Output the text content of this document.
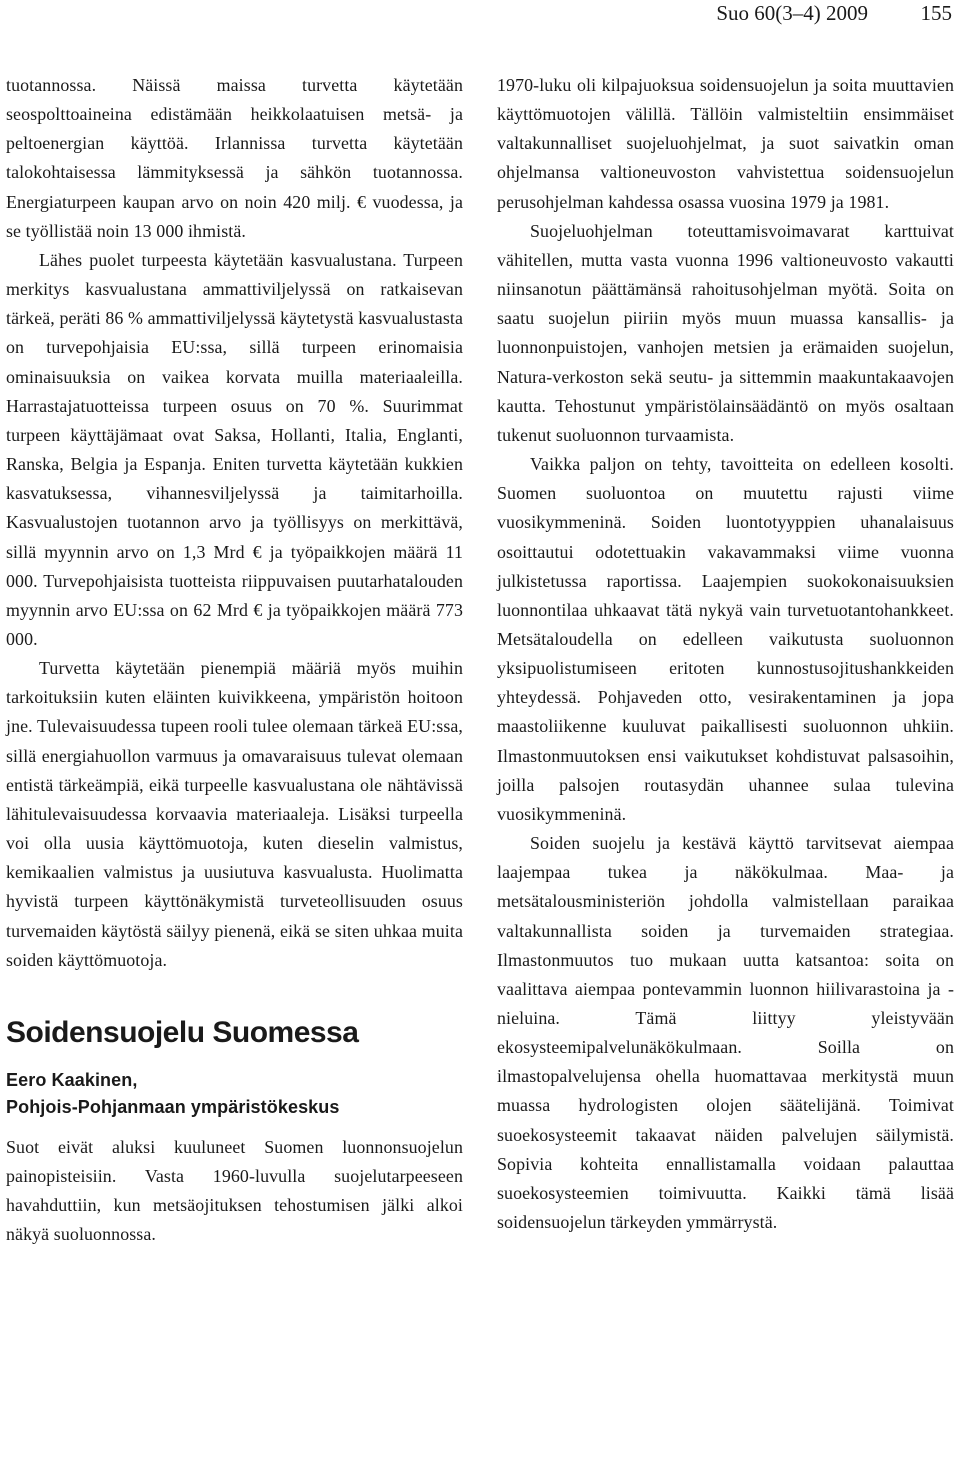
Suo 60(3–4) 2009	155

tuotannossa. Näissä maissa turvetta käytetään seospolttoaineina edistämään heikkolaatuisen metsä- ja peltoenergian käyttöä. Irlannissa turvetta käytetään talokohtaisessa lämmityksessä ja sähkön tuotannossa. Energiaturpeen kaupan arvo on noin 420 milj. € vuodessa, ja se työllistää noin 13 000 ihmistä.

Lähes puolet turpeesta käytetään kasvualustana. Turpeen merkitys kasvualustana ammattiviljelyssä on ratkaisevan tärkeä, peräti 86 % ammattiviljelyssä käytetystä kasvualustasta on turvepohjaisia EU:ssa, sillä turpeen erinomaisia ominaisuuksia on vaikea korvata muilla materiaaleilla. Harrastajatuotteissa turpeen osuus on 70 %. Suurimmat turpeen käyttäjämaat ovat Saksa, Hollanti, Italia, Englanti, Ranska, Belgia ja Espanja. Eniten turvetta käytetään kukkien kasvatuksessa, vihannesviljelyssä ja taimitarhoilla. Kasvualustojen tuotannon arvo ja työllisyys on merkittävä, sillä myynnin arvo on 1,3 Mrd € ja työpaikkojen määrä 11 000. Turvepohjaisista tuotteista riippuvaisen puutarhatalouden myynnin arvo EU:ssa on 62 Mrd € ja työpaikkojen määrä 773 000.

Turvetta käytetään pienempiä määriä myös muihin tarkoituksiin kuten eläinten kuivikkeena, ympäristön hoitoon jne. Tulevaisuudessa tupeen rooli tulee olemaan tärkeä EU:ssa, sillä energiahuollon varmuus ja omavaraisuus tulevat olemaan entistä tärkeämpiä, eikä turpeelle kasvualustana ole nähtävissä lähitulevaisuudessa korvaavia materiaaleja. Lisäksi turpeella voi olla uusia käyttömuotoja, kuten dieselin valmistus, kemikaalien valmistus ja uusiutuva kasvualusta. Huolimatta hyvistä turpeen käyttönäkymistä turveteollisuuden osuus turvemaiden käytöstä säilyy pienenä, eikä se siten uhkaa muita soiden käyttömuotoja.

Soidensuojelu Suomessa
Eero Kaakinen,
Pohjois-Pohjanmaan ympäristökeskus

Suot eivät aluksi kuuluneet Suomen luonnonsuojelun painopisteisiin. Vasta 1960-luvulla suojelutarpeeseen havahduttiin, kun metsäojituksen tehostumisen jälki alkoi näkyä suoluonnossa.

1970-luku oli kilpajuoksua soidensuojelun ja soita muuttavien käyttömuotojen välillä. Tällöin valmisteltiin ensimmäiset valtakunnalliset suojeluohjelmat, ja suot saivatkin oman ohjelmansa valtioneuvoston vahvistettua soidensuojelun perusohjelman kahdessa osassa vuosina 1979 ja 1981.

Suojeluohjelman toteuttamisvoimavarat karttuivat vähitellen, mutta vasta vuonna 1996 valtioneuvosto vakautti niinsanotun päättämänsä rahoitusohjelman myötä. Soita on saatu suojelun piiriin myös muun muassa kansallis- ja luonnonpuistojen, vanhojen metsien ja erämaiden suojelun, Natura-verkoston sekä seutu- ja sittemmin maakuntakaavojen kautta. Tehostunut ympäristölainsäädäntö on myös osaltaan tukenut suoluonnon turvaamista.

Vaikka paljon on tehty, tavoitteita on edelleen kosolti. Suomen suoluontoa on muutettu rajusti viime vuosikymmeninä. Soiden luontotyyppien uhanalaisuus osoittautui odotettuakin vakavammaksi viime vuonna julkistetussa raportissa. Laajempien suokokonaisuuksien luonnontilaa uhkaavat tätä nykyä vain turvetuotantohankkeet. Metsätaloudella on edelleen vaikutusta suoluonnon yksipuolistumiseen eritoten kunnostusojitushankkeiden yhteydessä. Pohjaveden otto, vesirakentaminen ja jopa maastoliikenne kuuluvat paikallisesti suoluonnon uhkiin. Ilmastonmuutoksen ensi vaikutukset kohdistuvat palsasoihin, joilla palsojen routasydän uhannee sulaa tulevina vuosikymmeninä.

Soiden suojelu ja kestävä käyttö tarvitsevat aiempaa laajempaa tukea ja näkökulmaa. Maa- ja metsätalousministeriön johdolla valmistellaan paraikaa valtakunnallista soiden ja turvemaiden strategiaa. Ilmastonmuutos tuo mukaan uutta katsantoa: soita on vaalittava aiempaa pontevammin luonnon hiilivarastoina ja -nieluina. Tämä liittyy yleistyvään ekosysteemipalvelunäkökulmaan. Soilla on ilmastopalvelujensa ohella huomattavaa merkitystä muun muassa hydrologisten olojen säätelijänä. Toimivat suoekosysteemit takaavat näiden palvelujen säilymistä. Sopivia kohteita ennallistamalla voidaan palauttaa suoekosysteemien toimivuutta. Kaikki tämä lisää soidensuojelun tärkeyden ymmärrystä.
